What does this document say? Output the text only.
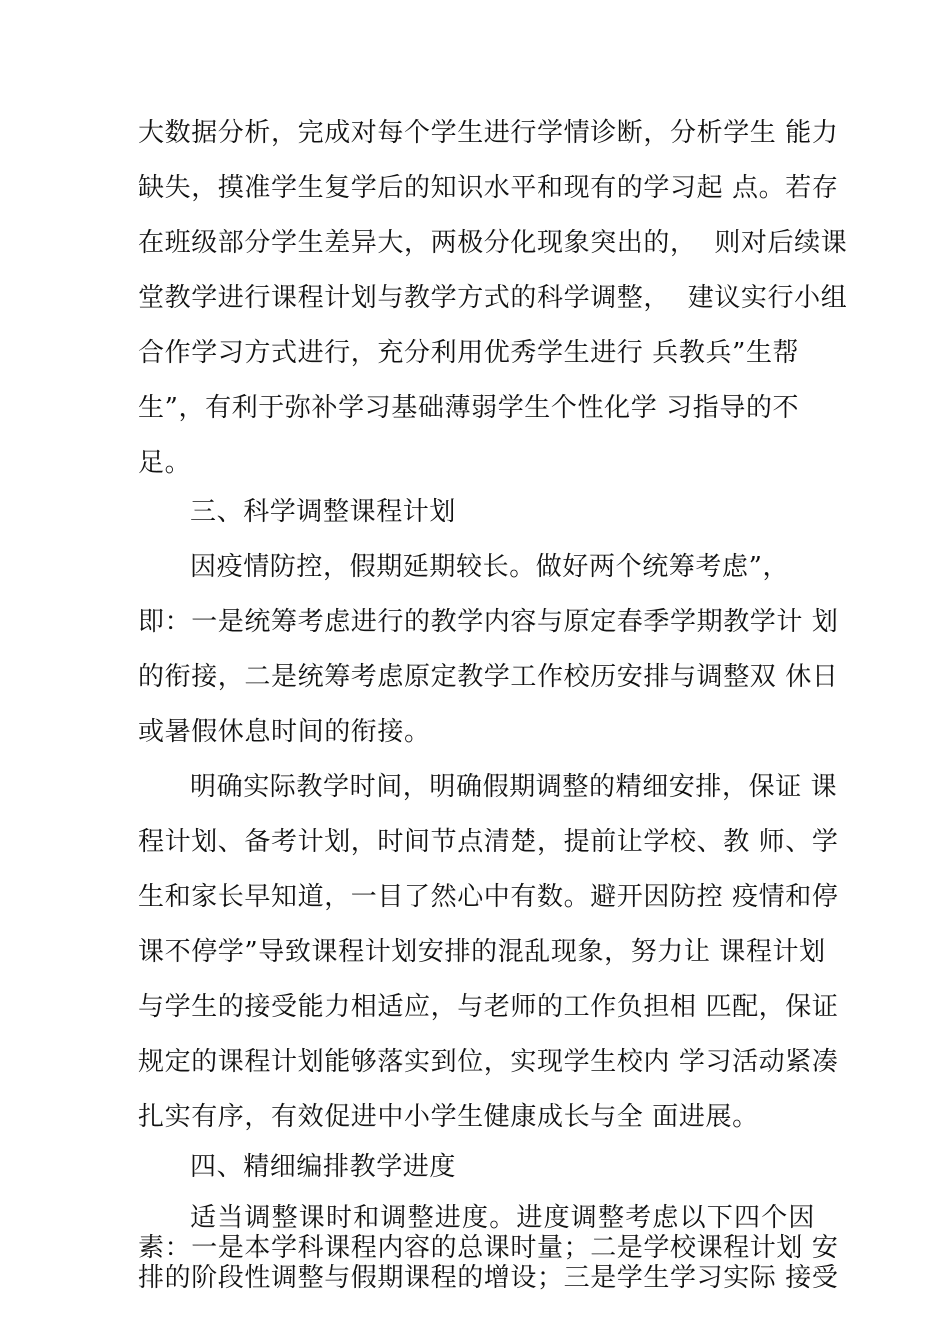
大数据分析，完成对每个学生进行学情诊断，分析学生 能力
缺失，摸准学生复学后的知识水平和现有的学习起 点。若存
在班级部分学生差异大，两极分化现象突出的，  则对后续课
堂教学进行课程计划与教学方式的科学调整，  建议实行小组
合作学习方式进行，充分利用优秀学生进行 兵教兵”生帮
生”，有利于弥补学习基础薄弱学生个性化学 习指导的不
足。
三、科学调整课程计划
因疫情防控，假期延期较长。做好两个统筹考虑”，
即：一是统筹考虑进行的教学内容与原定春季学期教学计 划
的衔接，二是统筹考虑原定教学工作校历安排与调整双 休日
或暑假休息时间的衔接。
明确实际教学时间，明确假期调整的精细安排，保证 课
程计划、备考计划，时间节点清楚，提前让学校、教 师、学
生和家长早知道，一目了然心中有数。避开因防控 疫情和停
课不停学”导致课程计划安排的混乱现象，努力让 课程计划
与学生的接受能力相适应，与老师的工作负担相 匹配，保证
规定的课程计划能够落实到位，实现学生校内 学习活动紧凑
扎实有序，有效促进中小学生健康成长与全 面进展。
四、精细编排教学进度
适当调整课时和调整进度。进度调整考虑以下四个因
素：一是本学科课程内容的总课时量；二是学校课程计划 安
排的阶段性调整与假期课程的增设；三是学生学习实际 接受
